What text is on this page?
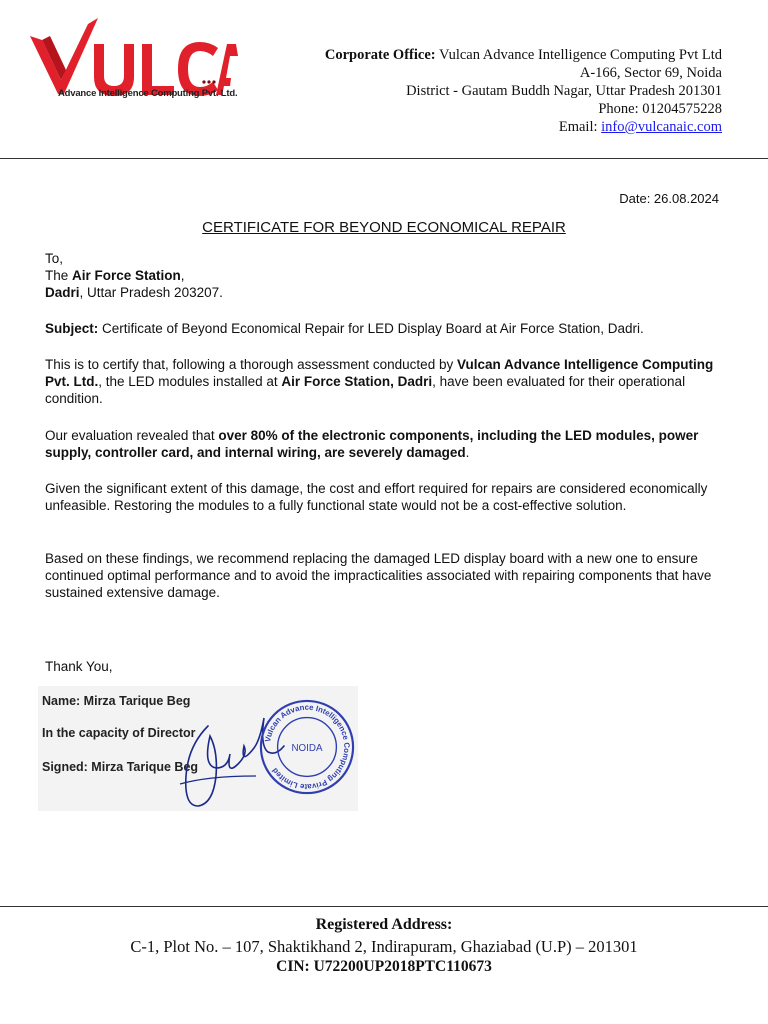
Advance Intelligence Computing Pvt. Ltd.
Corporate Office: Vulcan Advance Intelligence Computing Pvt Ltd
A-166, Sector 69, Noida
District - Gautam Buddh Nagar, Uttar Pradesh 201301
Phone: 01204575228
Email: info@vulcanaic.com
Date: 26.08.2024
CERTIFICATE FOR BEYOND ECONOMICAL REPAIR
To,
The Air Force Station,
Dadri, Uttar Pradesh 203207.
Subject: Certificate of Beyond Economical Repair for LED Display Board at Air Force Station, Dadri.
This is to certify that, following a thorough assessment conducted by Vulcan Advance Intelligence Computing Pvt. Ltd., the LED modules installed at Air Force Station, Dadri, have been evaluated for their operational condition.
Our evaluation revealed that over 80% of the electronic components, including the LED modules, power supply, controller card, and internal wiring, are severely damaged.
Given the significant extent of this damage, the cost and effort required for repairs are considered economically unfeasible. Restoring the modules to a fully functional state would not be a cost-effective solution.
Based on these findings, we recommend replacing the damaged LED display board with a new one to ensure continued optimal performance and to avoid the impracticalities associated with repairing components that have sustained extensive damage.
Thank You,
Name: Mirza Tarique Beg
In the capacity of Director
Signed: Mirza Tarique Beg
Vulcan Advance Intelligence Computing Private Limited
NOIDA
Registered Address:
C-1, Plot No. – 107, Shaktikhand 2, Indirapuram, Ghaziabad (U.P) – 201301
CIN: U72200UP2018PTC110673
